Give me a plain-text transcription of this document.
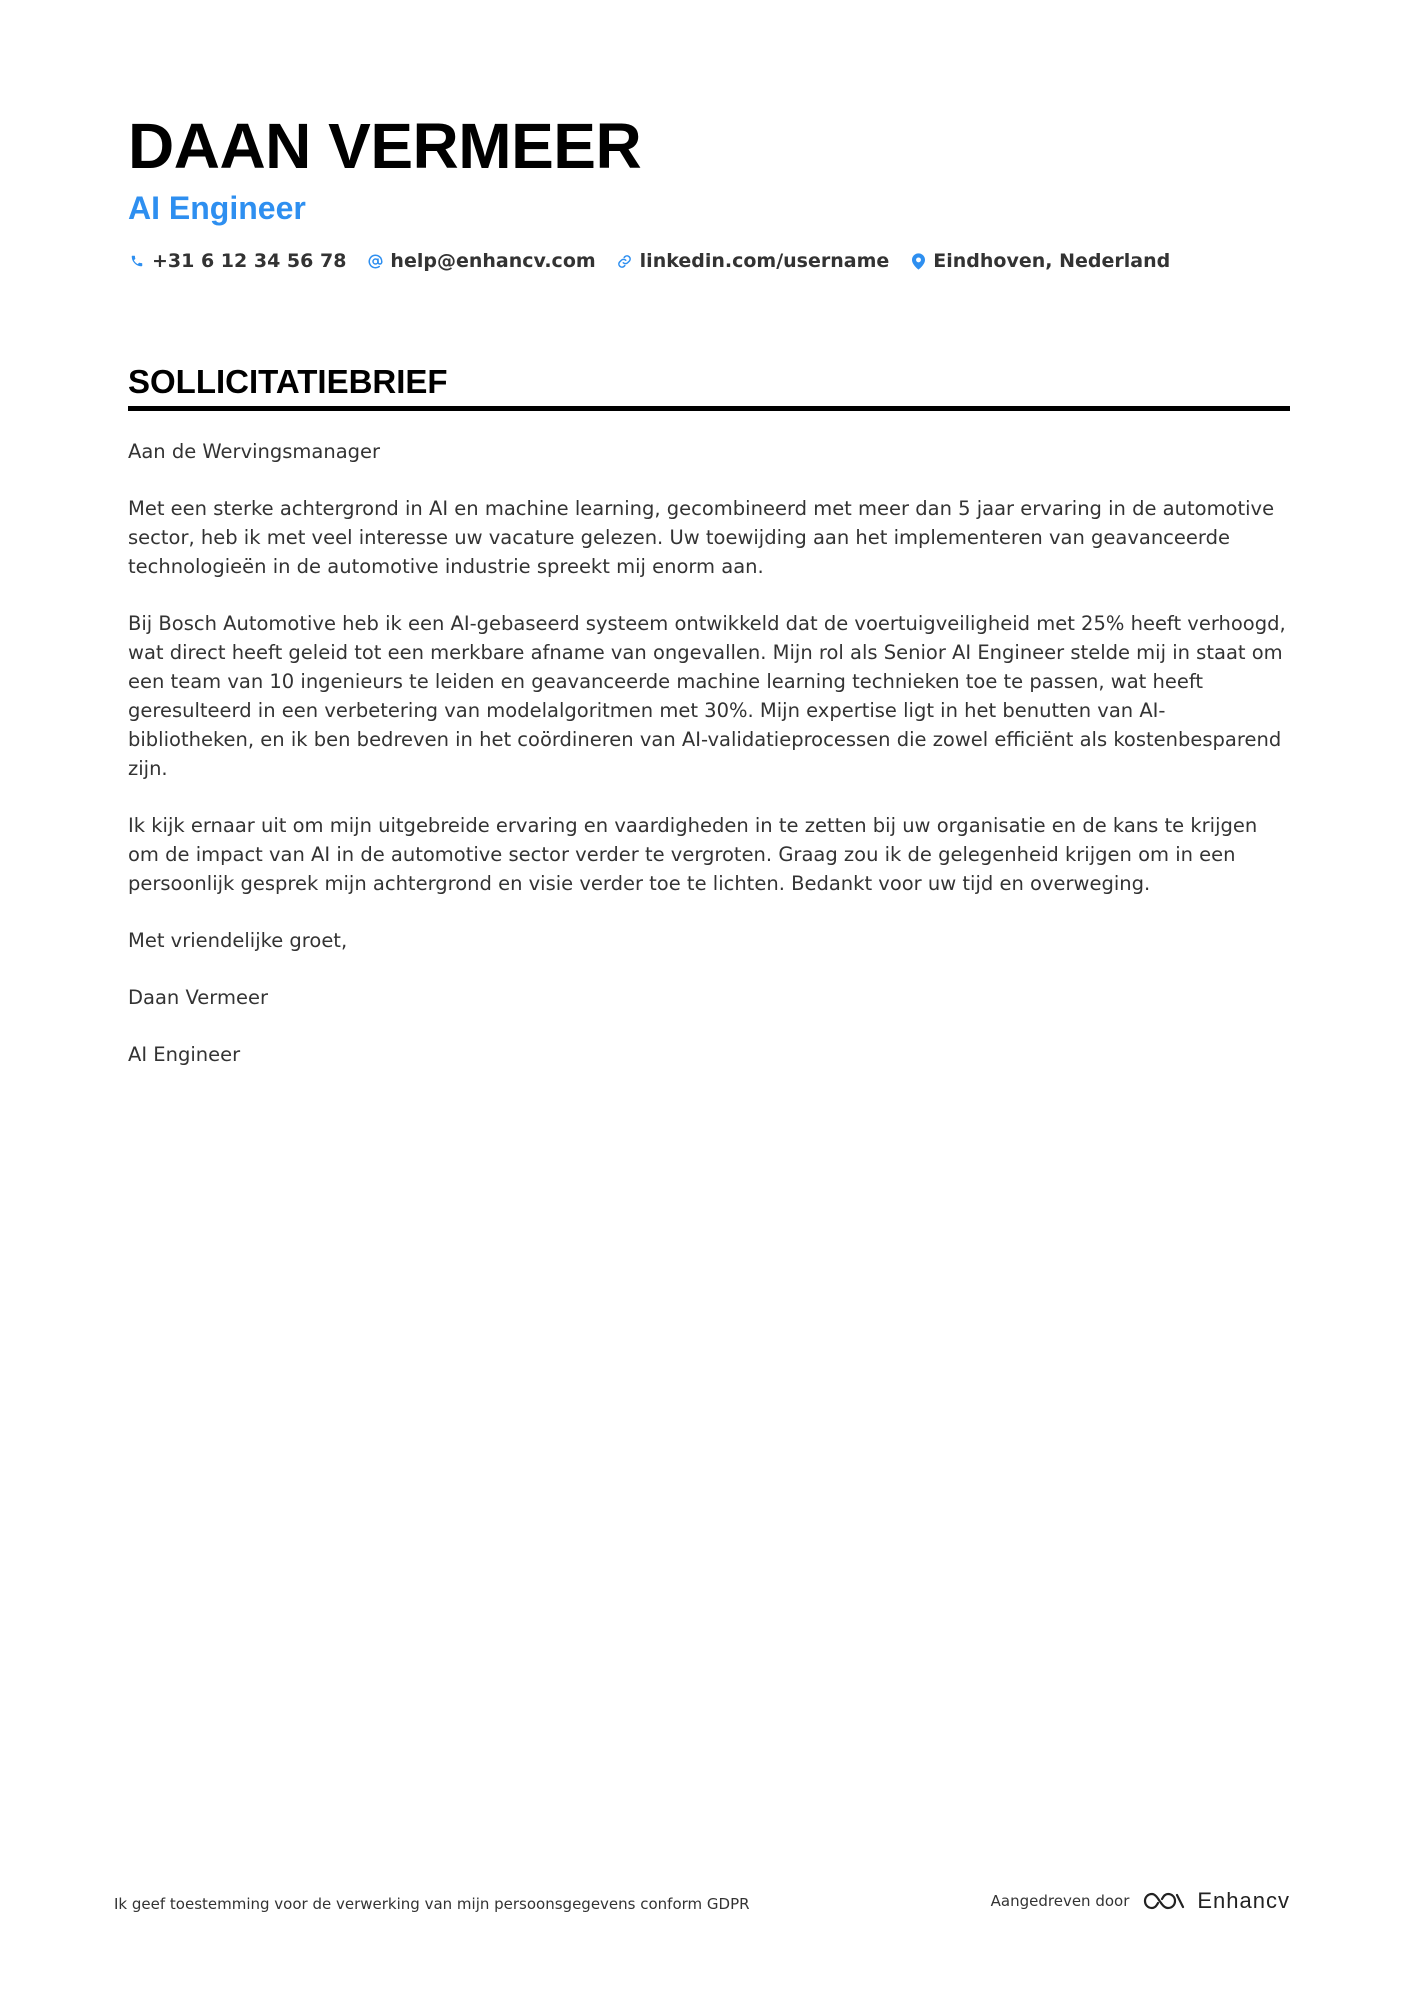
DAAN VERMEER
AI Engineer
+31 6 12 34 56 78 help@enhancv.com linkedin.com/username Eindhoven, Nederland
SOLLICITATIEBRIEF

Aan de Wervingsmanager

Met een sterke achtergrond in AI en machine learning, gecombineerd met meer dan 5 jaar ervaring in de automotive sector, heb ik met veel interesse uw vacature gelezen. Uw toewijding aan het implementeren van geavanceerde technologieën in de automotive industrie spreekt mij enorm aan.

Bij Bosch Automotive heb ik een AI-gebaseerd systeem ontwikkeld dat de voertuigveiligheid met 25% heeft verhoogd, wat direct heeft geleid tot een merkbare afname van ongevallen. Mijn rol als Senior AI Engineer stelde mij in staat om een team van 10 ingenieurs te leiden en geavanceerde machine learning technieken toe te passen, wat heeft geresulteerd in een verbetering van modelalgoritmen met 30%. Mijn expertise ligt in het benutten van AI-bibliotheken, en ik ben bedreven in het coördineren van AI-validatieprocessen die zowel efficiënt als kostenbesparend zijn.

Ik kijk ernaar uit om mijn uitgebreide ervaring en vaardigheden in te zetten bij uw organisatie en de kans te krijgen om de impact van AI in de automotive sector verder te vergroten. Graag zou ik de gelegenheid krijgen om in een persoonlijk gesprek mijn achtergrond en visie verder toe te lichten. Bedankt voor uw tijd en overweging.

Met vriendelijke groet,

Daan Vermeer

AI Engineer

Ik geef toestemming voor de verwerking van mijn persoonsgegevens conform GDPR	Aangedreven door	Enhancv
